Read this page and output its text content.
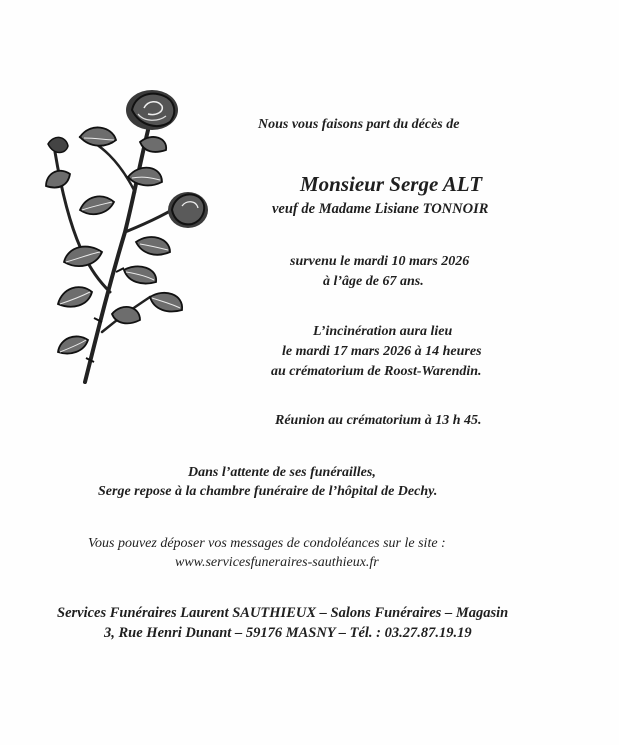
Nous vous faisons part du décès de
Monsieur Serge ALT
veuf de Madame Lisiane TONNOIR
survenu le mardi 10 mars 2026
à l’âge de 67 ans.
L’incinération aura lieu
le mardi 17 mars 2026 à 14 heures
au crématorium de Roost-Warendin.
Réunion au crématorium à 13 h 45.
Dans l’attente de ses funérailles,
Serge repose à la chambre funéraire de l’hôpital de Dechy.
Vous pouvez déposer vos messages de condoléances sur le site :
www.servicesfuneraires-sauthieux.fr
Services Funéraires Laurent SAUTHIEUX – Salons Funéraires – Magasin
3, Rue Henri Dunant – 59176 MASNY – Tél. : 03.27.87.19.19
